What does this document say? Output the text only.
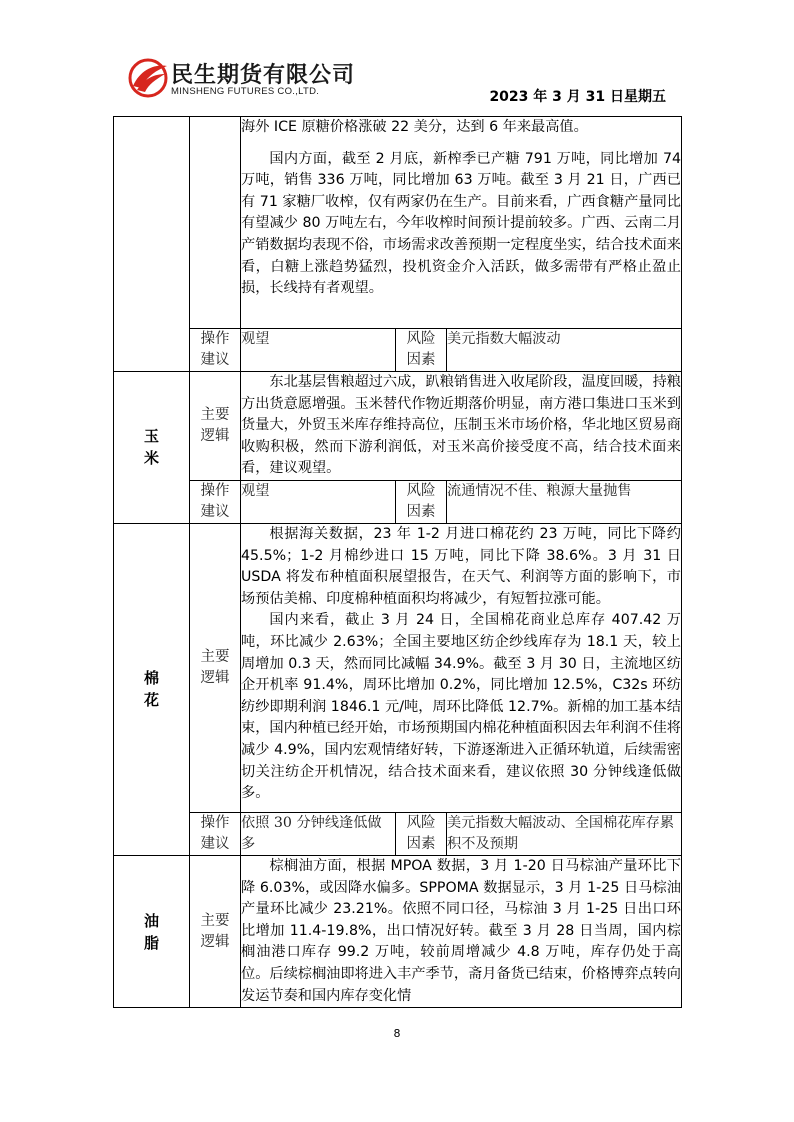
民生期货有限公司
MINSHENG FUTURES CO.,LTD.	2023 年 3 月 31 日星期五

		海外 ICE 原糖价格涨破 22 美分，达到 6 年来最高值。

国内方面，截至 2 月底，新榨季已产糖 791 万吨，同比增加 74 万吨，销售 336 万吨，同比增加 63 万吨。截至 3 月 21 日，广西已有 71 家糖厂收榨，仅有两家仍在生产。目前来看，广西食糖产量同比有望减少 80 万吨左右，今年收榨时间预计提前较多。广西、云南二月产销数据均表现不俗，市场需求改善预期一定程度坐实，结合技术面来看，白糖上涨趋势猛烈，投机资金介入活跃，做多需带有严格止盈止损，长线持有者观望。		

	操作建议	观望	风险因素	美元指数大幅波动
玉米	主要逻辑	东北基层售粮超过六成，趴粮销售进入收尾阶段，温度回暖，持粮方出货意愿增强。玉米替代作物近期落价明显，南方港口集进口玉米到货量大，外贸玉米库存维持高位，压制玉米市场价格，华北地区贸易商收购积极，然而下游利润低，对玉米高价接受度不高，结合技术面来看，建议观望。		

	操作建议	观望	风险因素	流通情况不佳、粮源大量抛售
棉花	主要逻辑	根据海关数据，23 年 1-2 月进口棉花约 23 万吨，同比下降约 45.5%；1-2 月棉纱进口 15 万吨，同比下降 38.6%。3 月 31 日 USDA 将发布种植面积展望报告，在天气、利润等方面的影响下，市场预估美棉、印度棉种植面积均将减少，有短暂拉涨可能。

国内来看，截止 3 月 24 日，全国棉花商业总库存 407.42 万吨，环比减少 2.63%；全国主要地区纺企纱线库存为 18.1 天，较上周增加 0.3 天，然而同比减幅 34.9%。截至 3 月 30 日，主流地区纺企开机率 91.4%，周环比增加 0.2%，同比增加 12.5%，C32s 环纺纺纱即期利润 1846.1 元/吨，周环比降低 12.7%。新棉的加工基本结束，国内种植已经开始，市场预期国内棉花种植面积因去年利润不佳将减少 4.9%，国内宏观情绪好转，下游逐渐进入正循环轨道，后续需密切关注纺企开机情况，结合技术面来看，建议依照 30 分钟线逢低做多。		

	操作建议	依照 30 分钟线逢低做多	风险因素	美元指数大幅波动、全国棉花库存累积不及预期
油脂	主要逻辑	棕榈油方面，根据 MPOA 数据，3 月 1-20 日马棕油产量环比下降 6.03%，或因降水偏多。SPPOMA 数据显示，3 月 1-25 日马棕油产量环比减少 23.21%。依照不同口径，马棕油 3 月 1-25 日出口环比增加 11.4-19.8%，出口情况好转。截至 3 月 28 日当周，国内棕榈油港口库存 99.2 万吨，较前周增减少 4.8 万吨，库存仍处于高位。后续棕榈油即将进入丰产季节，斋月备货已结束，价格博弈点转向发运节奏和国内库存变化情		

8
